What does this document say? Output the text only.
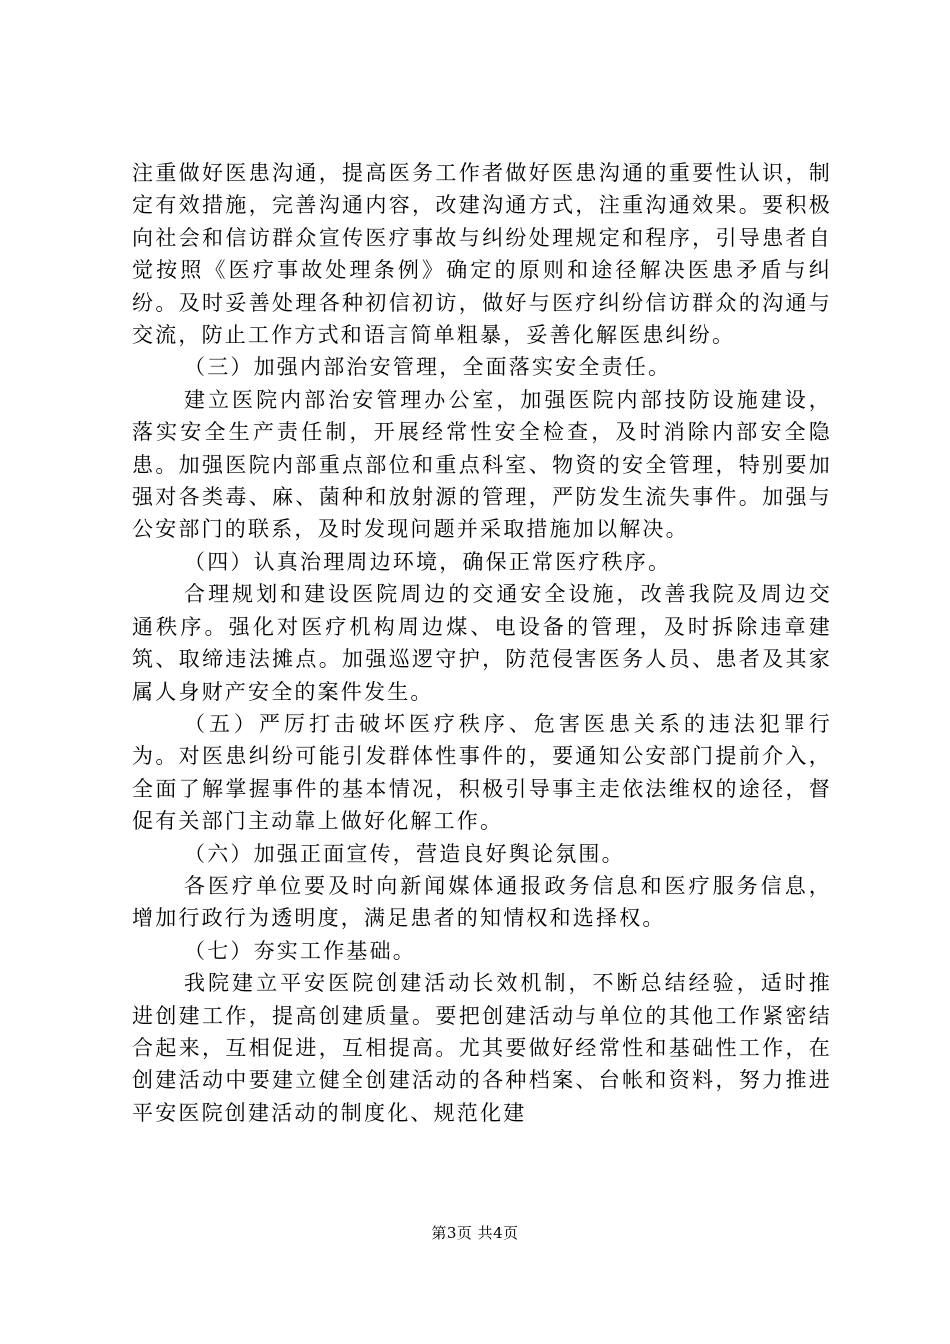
注重做好医患沟通，提高医务工作者做好医患沟通的重要性认识，制定有效措施，完善沟通内容，改建沟通方式，注重沟通效果。要积极向社会和信访群众宣传医疗事故与纠纷处理规定和程序，引导患者自觉按照《医疗事故处理条例》确定的原则和途径解决医患矛盾与纠纷。及时妥善处理各种初信初访，做好与医疗纠纷信访群众的沟通与交流，防止工作方式和语言简单粗暴，妥善化解医患纠纷。

（三）加强内部治安管理，全面落实安全责任。

建立医院内部治安管理办公室，加强医院内部技防设施建设，落实安全生产责任制，开展经常性安全检查，及时消除内部安全隐患。加强医院内部重点部位和重点科室、物资的安全管理，特别要加强对各类毒、麻、菌种和放射源的管理，严防发生流失事件。加强与公安部门的联系，及时发现问题并采取措施加以解决。

（四）认真治理周边环境，确保正常医疗秩序。

合理规划和建设医院周边的交通安全设施，改善我院及周边交通秩序。强化对医疗机构周边煤、电设备的管理，及时拆除违章建筑、取缔违法摊点。加强巡逻守护，防范侵害医务人员、患者及其家属人身财产安全的案件发生。

（五）严厉打击破坏医疗秩序、危害医患关系的违法犯罪行为。对医患纠纷可能引发群体性事件的，要通知公安部门提前介入，全面了解掌握事件的基本情况，积极引导事主走依法维权的途径，督促有关部门主动靠上做好化解工作。

（六）加强正面宣传，营造良好舆论氛围。

各医疗单位要及时向新闻媒体通报政务信息和医疗服务信息，增加行政行为透明度，满足患者的知情权和选择权。

（七）夯实工作基础。

我院建立平安医院创建活动长效机制，不断总结经验，适时推进创建工作，提高创建质量。要把创建活动与单位的其他工作紧密结合起来，互相促进，互相提高。尤其要做好经常性和基础性工作，在创建活动中要建立健全创建活动的各种档案、台帐和资料，努力推进平安医院创建活动的制度化、规范化建

第3页 共4页
